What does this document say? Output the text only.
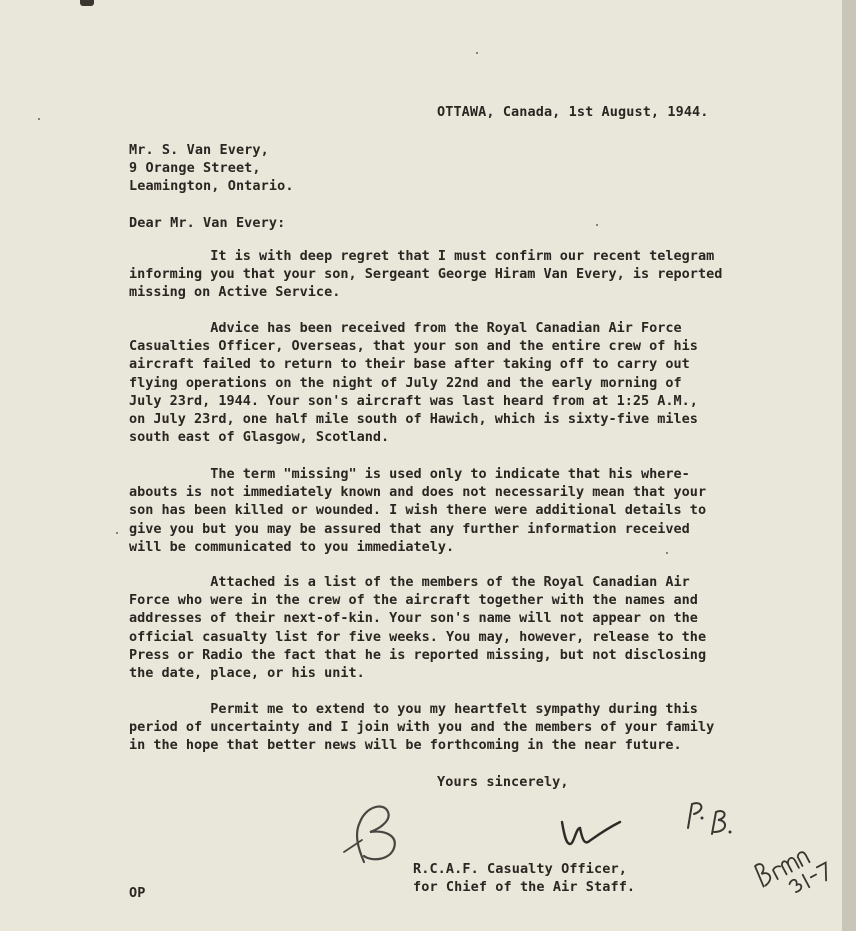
OTTAWA, Canada, 1st August, 1944.
Mr. S. Van Every,
9 Orange Street,
Leamington, Ontario.
Dear Mr. Van Every:
It is with deep regret that I must confirm our recent telegram
informing you that your son, Sergeant George Hiram Van Every, is reported
missing on Active Service.
Advice has been received from the Royal Canadian Air Force
Casualties Officer, Overseas, that your son and the entire crew of his
aircraft failed to return to their base after taking off to carry out
flying operations on the night of July 22nd and the early morning of
July 23rd, 1944. Your son's aircraft was last heard from at 1:25 A.M.,
on July 23rd, one half mile south of Hawich, which is sixty-five miles
south east of Glasgow, Scotland.
The term "missing" is used only to indicate that his where-
abouts is not immediately known and does not necessarily mean that your
son has been killed or wounded. I wish there were additional details to
give you but you may be assured that any further information received
will be communicated to you immediately.
Attached is a list of the members of the Royal Canadian Air
Force who were in the crew of the aircraft together with the names and
addresses of their next-of-kin. Your son's name will not appear on the
official casualty list for five weeks. You may, however, release to the
Press or Radio the fact that he is reported missing, but not disclosing
the date, place, or his unit.
Permit me to extend to you my heartfelt sympathy during this
period of uncertainty and I join with you and the members of your family
in the hope that better news will be forthcoming in the near future.
Yours sincerely,
R.C.A.F. Casualty Officer,
for Chief of the Air Staff.
OP
